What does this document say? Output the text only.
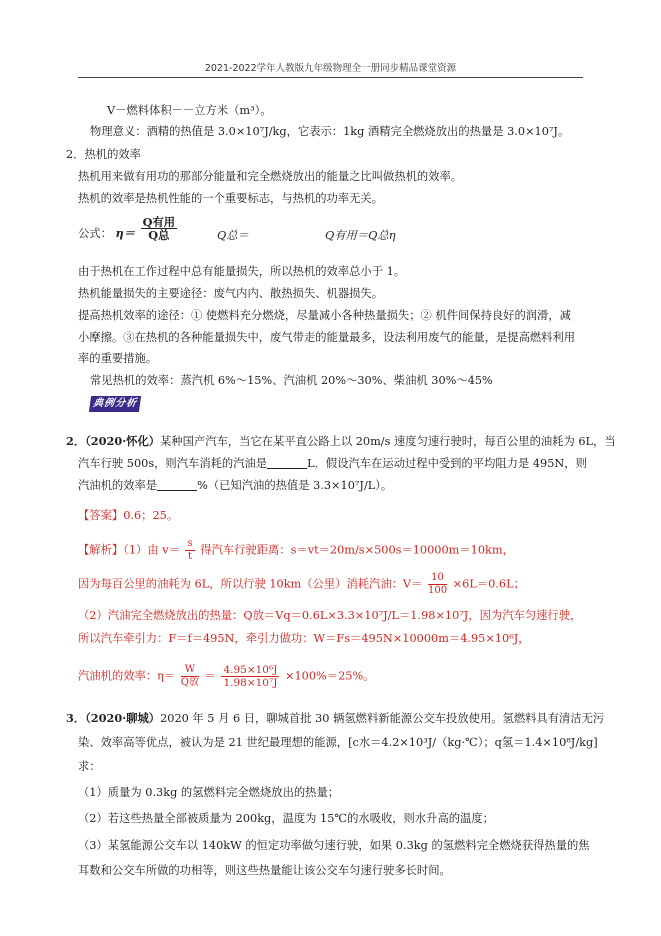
2021-2022学年人教版九年级物理全一册同步精品课堂资源
V－燃料体积－－立方米（m³）。
物理意义：酒精的热值是 3.0×10⁷J/kg，它表示：1kg 酒精完全燃烧放出的热量是 3.0×10⁷J。
2．热机的效率
热机用来做有用功的那部分能量和完全燃烧放出的能量之比叫做热机的效率。
热机的效率是热机性能的一个重要标志，与热机的功率无关。
公式： $\eta= \frac{\text{Q有用}}{\text{Q总}}$	Q总＝	Q有用＝Q总η
由于热机在工作过程中总有能量损失，所以热机的效率总小于 1。
热机能量损失的主要途径：废气内内、散热损失、机器损失。
提高热机效率的途径：① 使燃料充分燃烧，尽量减小各种热量损失；② 机件间保持良好的润滑，减
小摩擦。③在热机的各种能量损失中，废气带走的能量最多，设法利用废气的能量，是提高燃料利用
率的重要措施。
常见热机的效率：蒸汽机 6%～15%、汽油机 20%～30%、柴油机 30%～45%
典例分析
2．（2020·怀化）某种国产汽车，当它在某平直公路上以 20m/s 速度匀速行驶时，每百公里的油耗为 6L，当
汽车行驶 500s，则汽车消耗的汽油是	L．假设汽车在运动过程中受到的平均阻力是 495N，则
汽油机的效率是	%（已知汽油的热值是 3.3×10⁷J/L）。
【答案】0.6；25。
【解析】（1）由 $v= \frac{s}{t}$ 得汽车行驶距离：s＝vt＝20m/s×500s＝10000m＝10km，
因为每百公里的油耗为 6L，所以行驶 10km（公里）消耗汽油：$V= \frac{10}{100} \times 6L=0.6L$；
（2）汽油完全燃烧放出的热量：Q放＝Vq＝0.6L×3.3×10⁷J/L＝1.98×10⁷J，因为汽车匀速行驶，
所以汽车牵引力：F＝f＝495N，牵引力做功：W＝Fs＝495N×10000m＝4.95×10⁶J，
汽油机的效率：$\eta= \frac{W}{\text{Q放}} = \frac{\text{4.95×10⁶J}}{\text{1.98×10⁷J}} \times 100\%=25\%$。
3．（2020·聊城）2020 年 5 月 6 日，聊城首批 30 辆氢燃料新能源公交车投放使用。氢燃料具有清洁无污
染、效率高等优点，被认为是 21 世纪最理想的能源，[c水＝4.2×10³J/（kg·℃）；q氢＝1.4×10⁸J/kg]
求：
（1）质量为 0.3kg 的氢燃料完全燃烧放出的热量；
（2）若这些热量全部被质量为 200kg，温度为 15℃的水吸收，则水升高的温度；
（3）某氢能源公交车以 140kW 的恒定功率做匀速行驶，如果 0.3kg 的氢燃料完全燃烧获得热量的焦
耳数和公交车所做的功相等，则这些热量能让该公交车匀速行驶多长时间。
